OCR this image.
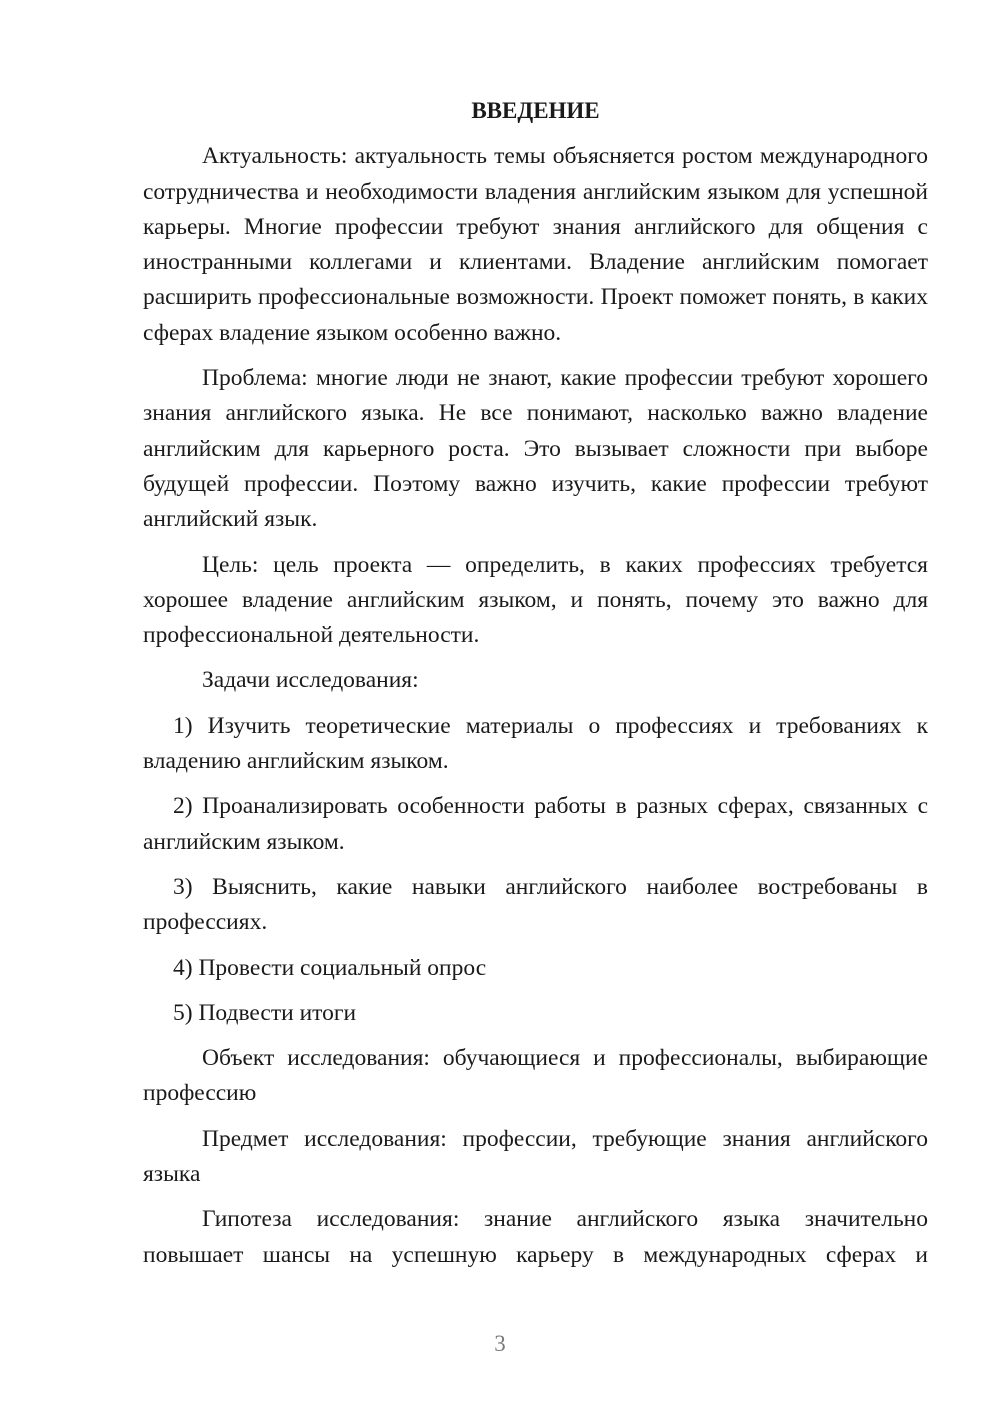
ВВЕДЕНИЕ

Актуальность: актуальность темы объясняется ростом международного сотрудничества и необходимости владения английским языком для успешной карьеры. Многие профессии требуют знания английского для общения с иностранными коллегами и клиентами. Владение английским помогает расширить профессиональные возможности. Проект поможет понять, в каких сферах владение языком особенно важно.

Проблема: многие люди не знают, какие профессии требуют хорошего знания английского языка. Не все понимают, насколько важно владение английским для карьерного роста. Это вызывает сложности при выборе будущей профессии. Поэтому важно изучить, какие профессии требуют английский язык.

Цель: цель проекта — определить, в каких профессиях требуется хорошее владение английским языком, и понять, почему это важно для профессиональной деятельности.

Задачи исследования:

1) Изучить теоретические материалы о профессиях и требованиях к владению английским языком.

2) Проанализировать особенности работы в разных сферах, связанных с английским языком.

3) Выяснить, какие навыки английского наиболее востребованы в профессиях.

4) Провести социальный опрос

5) Подвести итоги

Объект исследования: обучающиеся и профессионалы, выбирающие профессию

Предмет исследования: профессии, требующие знания английского языка

Гипотеза исследования: знание английского языка значительно повышает шансы на успешную карьеру в международных сферах и

3
